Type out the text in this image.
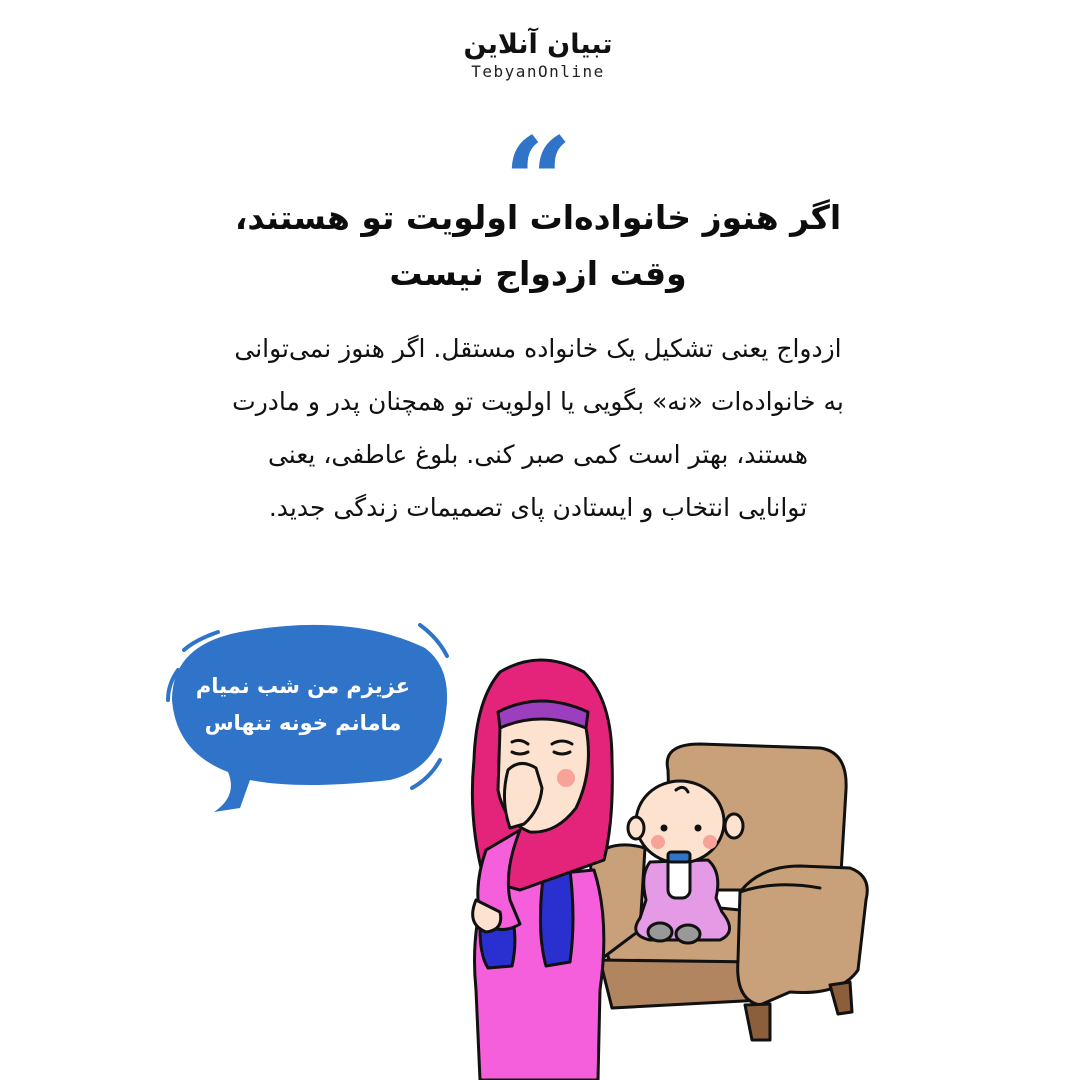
تبیان آنلاین
TebyanOnline
“
اگر هنوز خانواده‌ات اولویت تو هستند،
وقت ازدواج نیست
ازدواج یعنی تشکیل یک خانواده مستقل. اگر هنوز نمی‌توانی
به خانواده‌ات «نه» بگویی یا اولویت تو همچنان پدر و مادرت
هستند، بهتر است کمی صبر کنی. بلوغ عاطفی، یعنی
توانایی انتخاب و ایستادن پای تصمیمات زندگی جدید.
عزیزم من شب نمیام
مامانم خونه تنهاس
